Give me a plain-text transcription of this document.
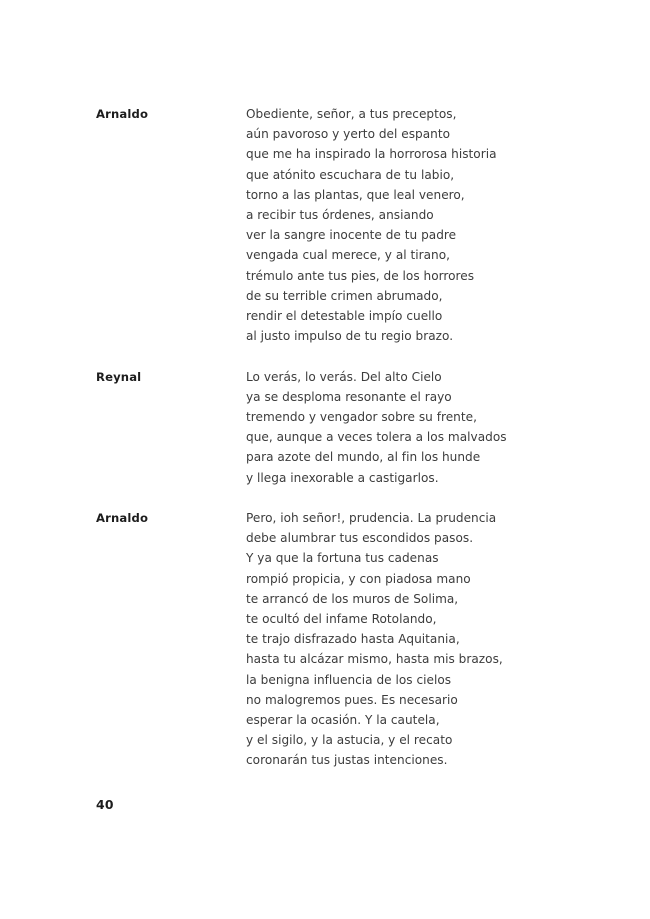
Arnaldo	Obediente, señor, a tus preceptos,
aún pavoroso y yerto del espanto
que me ha inspirado la horrorosa historia
que atónito escuchara de tu labio,
torno a las plantas, que leal venero,
a recibir tus órdenes, ansiando
ver la sangre inocente de tu padre
vengada cual merece, y al tirano,
trémulo ante tus pies, de los horrores
de su terrible crimen abrumado,
rendir el detestable impío cuello
al justo impulso de tu regio brazo.
Reynal	Lo verás, lo verás. Del alto Cielo
ya se desploma resonante el rayo
tremendo y vengador sobre su frente,
que, aunque a veces tolera a los malvados
para azote del mundo, al fin los hunde
y llega inexorable a castigarlos.
Arnaldo	Pero, ioh señor!, prudencia. La prudencia
debe alumbrar tus escondidos pasos.
Y ya que la fortuna tus cadenas
rompió propicia, y con piadosa mano
te arrancó de los muros de Solima,
te ocultó del infame Rotolando,
te trajo disfrazado hasta Aquitania,
hasta tu alcázar mismo, hasta mis brazos,
la benigna influencia de los cielos
no malogremos pues. Es necesario
esperar la ocasión. Y la cautela,
y el sigilo, y la astucia, y el recato
coronarán tus justas intenciones.
40
